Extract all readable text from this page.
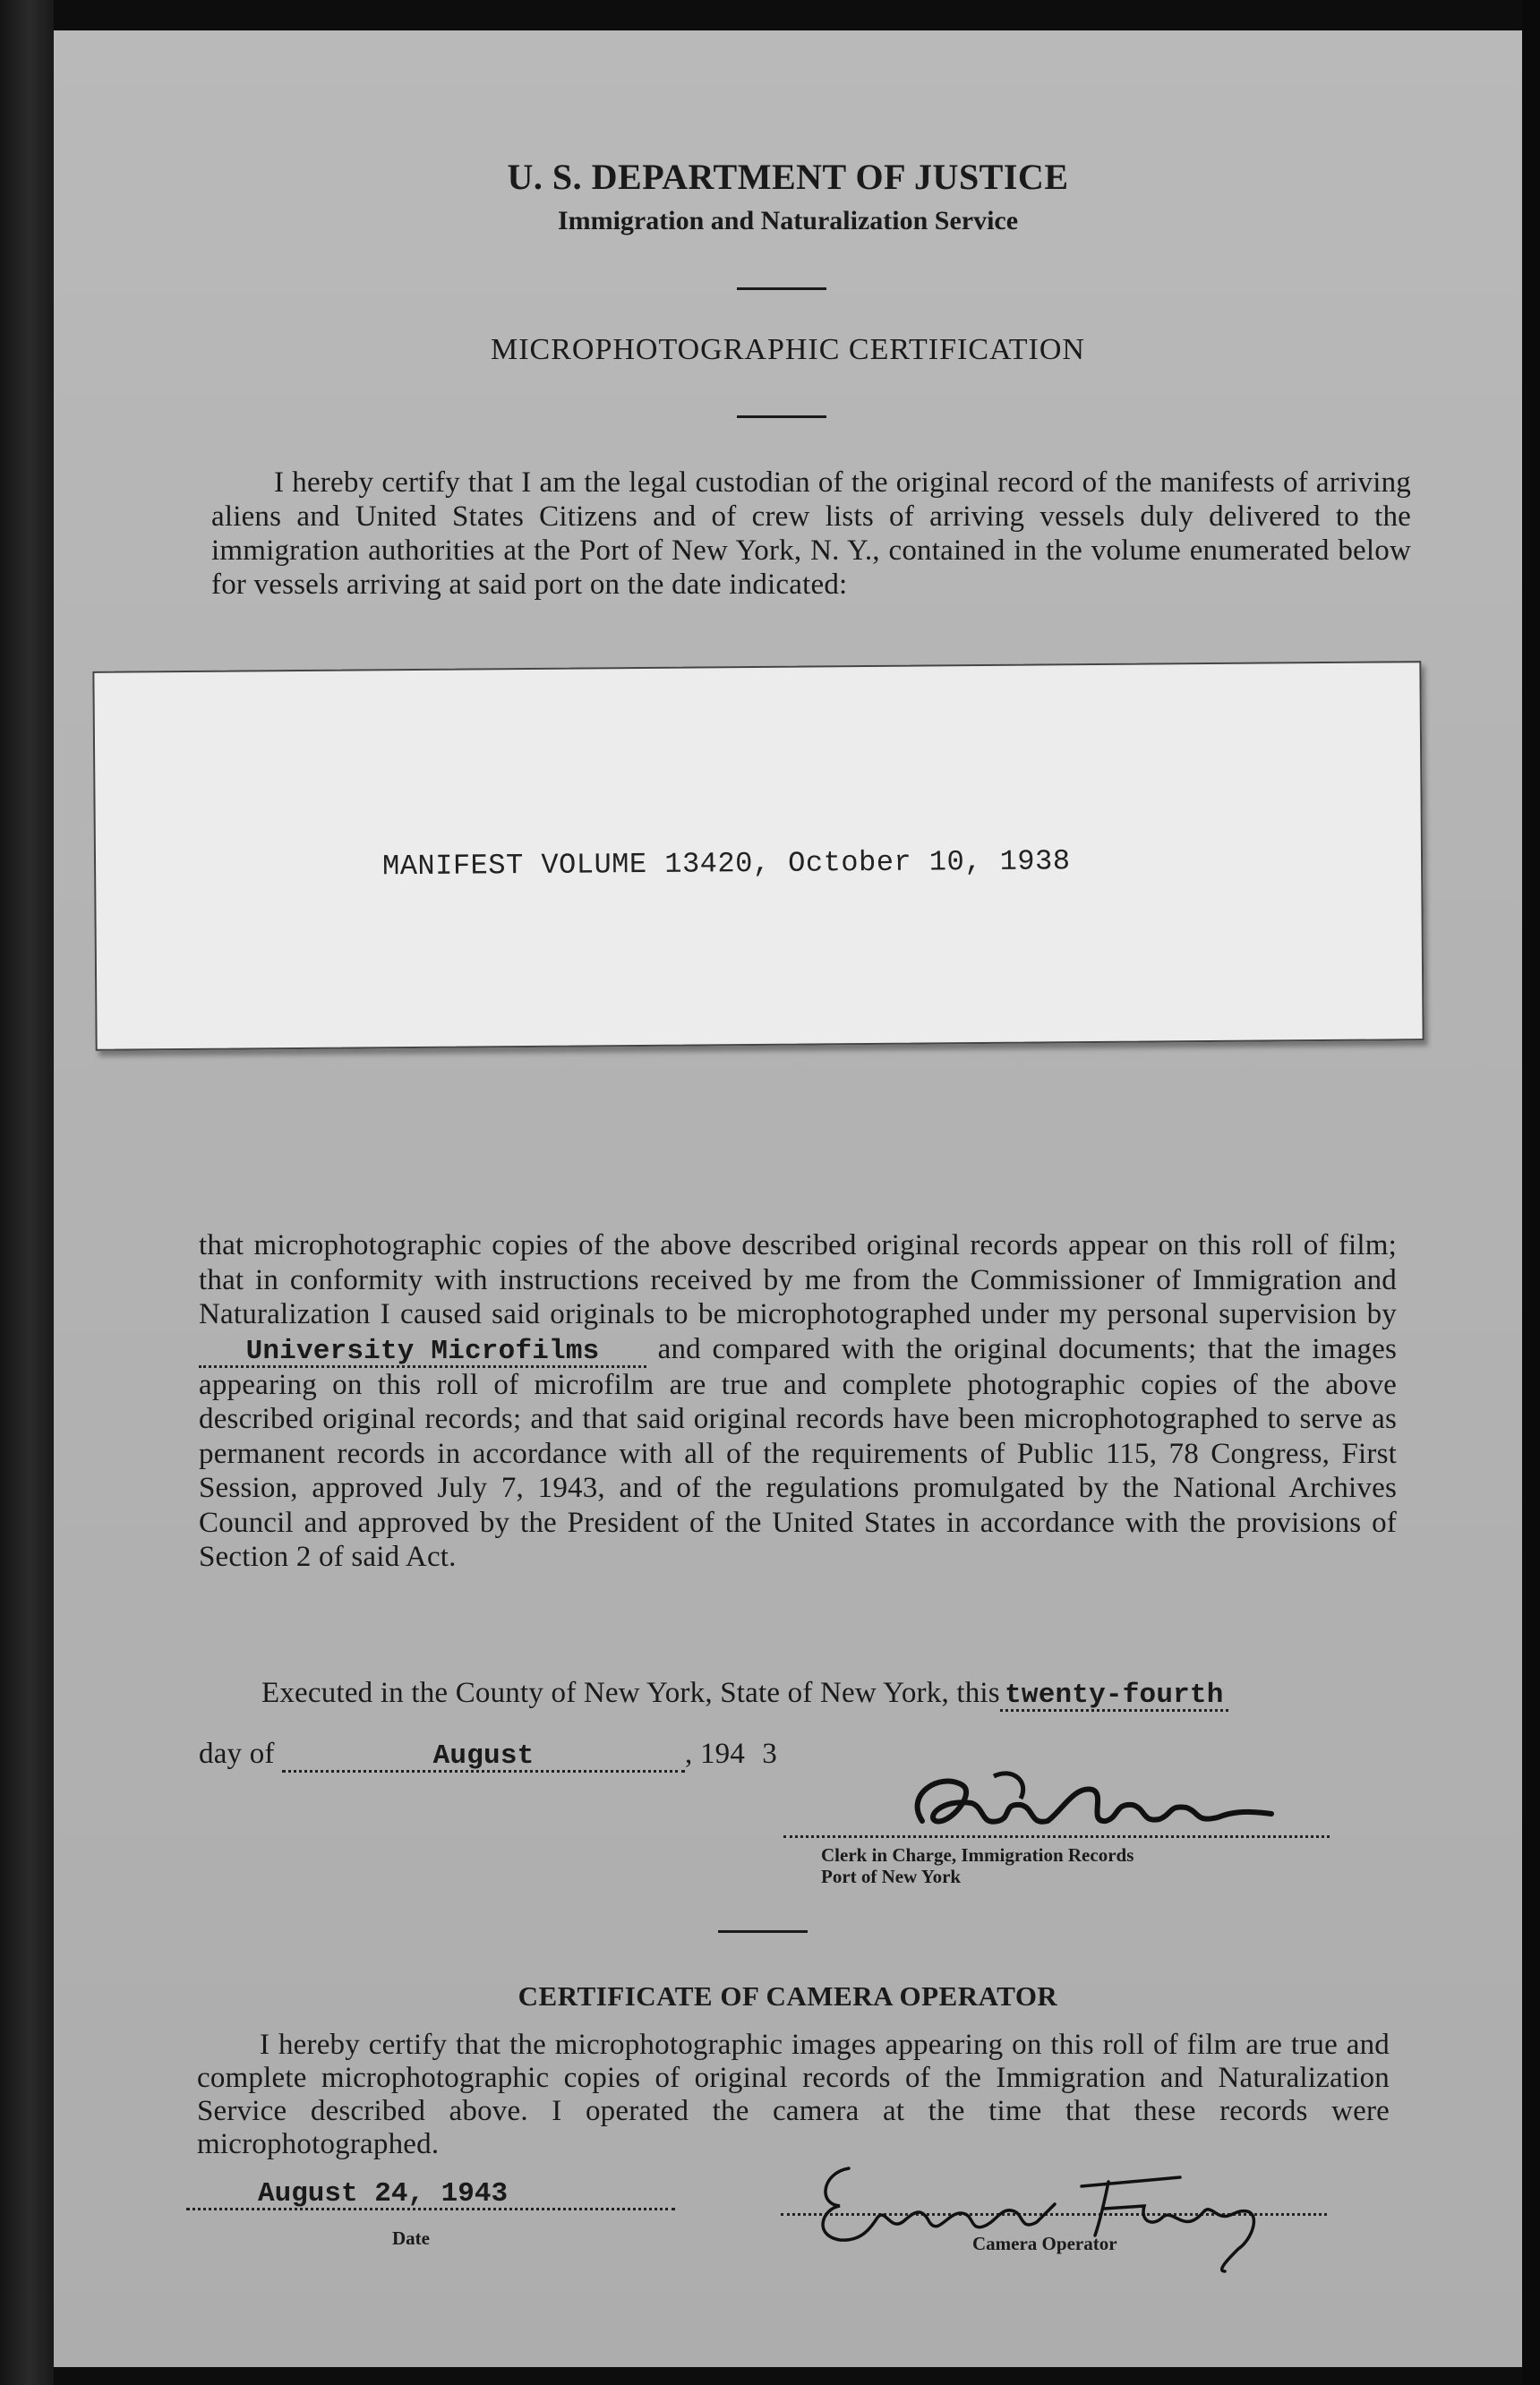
U. S. DEPARTMENT OF JUSTICE
Immigration and Naturalization Service
MICROPHOTOGRAPHIC CERTIFICATION

I hereby certify that I am the legal custodian of the original record of the manifests of arriving aliens and United States Citizens and of crew lists of arriving vessels duly delivered to the immigration authorities at the Port of New York, N. Y., contained in the volume enumerated below for vessels arriving at said port on the date indicated:

MANIFEST VOLUME 13420, October 10, 1938
that microphotographic copies of the above described original records appear on this roll of film; that in conformity with instructions received by me from the Commissioner of Immigration and Naturalization I caused said originals to be microphotographed under my personal supervision by University Microfilms and compared with the original documents; that the images appearing on this roll of microfilm are true and complete photographic copies of the above described original records; and that said original records have been microphotographed to serve as permanent records in accordance with all of the requirements of Public 115, 78 Congress, First Session, approved July 7, 1943, and of the regulations promulgated by the National Archives Council and approved by the President of the United States in accordance with the provisions of Section 2 of said Act.
Executed in the County of New York, State of New York, this twenty-fourth
day of	August	, 194 3
Clerk in Charge, Immigration Records
Port of New York
CERTIFICATE OF CAMERA OPERATOR

I hereby certify that the microphotographic images appearing on this roll of film are true and complete microphotographic copies of original records of the Immigration and Naturalization Service described above. I operated the camera at the time that these records were microphotographed.

August 24, 1943
Date	Camera Operator
